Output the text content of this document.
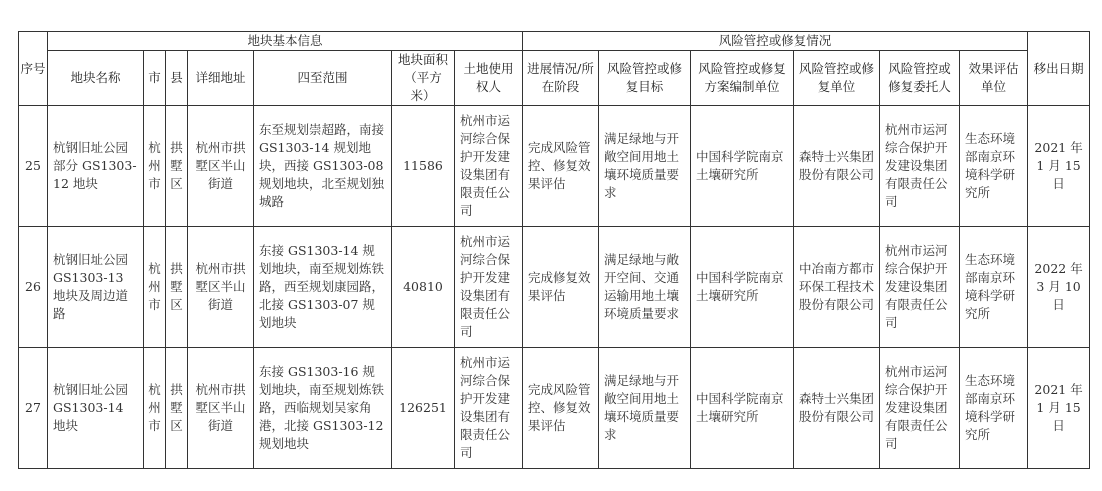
序号	地块基本信息							风险管控或修复情况						移出日期
	地块名称	市	县	详细地址	四至范围	地块面积（平方米）	土地使用权人	进展情况/所在阶段	风险管控或修复目标	风险管控或修复方案编制单位	风险管控或修复单位	风险管控或修复委托人	效果评估单位	

25	杭钢旧址公园部分 GS1303-12 地块	杭州市	拱墅区	杭州市拱墅区半山街道	东至规划崇超路，南接 GS1303-14 规划地块，西接 GS1303-08 规划地块，北至规划独城路	11586	杭州市运河综合保护开发建设集团有限责任公司	完成风险管控、修复效果评估	满足绿地与开敞空间用地土壤环境质量要求	中国科学院南京土壤研究所	森特士兴集团股份有限公司	杭州市运河综合保护开发建设集团有限责任公司	生态环境部南京环境科学研究所	2021 年 1 月 15 日

26	杭钢旧址公园 GS1303-13 地块及周边道路	杭州市	拱墅区	杭州市拱墅区半山街道	东接 GS1303-14 规划地块，南至规划炼铁路，西至规划康园路，北接 GS1303-07 规划地块	40810	杭州市运河综合保护开发建设集团有限责任公司	完成修复效果评估	满足绿地与敞开空间、交通运输用地土壤环境质量要求	中国科学院南京土壤研究所	中冶南方都市环保工程技术股份有限公司	杭州市运河综合保护开发建设集团有限责任公司	生态环境部南京环境科学研究所	2022 年 3 月 10 日

27	杭钢旧址公园 GS1303-14 地块	杭州市	拱墅区	杭州市拱墅区半山街道	东接 GS1303-16 规划地块，南至规划炼铁路，西临规划吴家角港，北接 GS1303-12 规划地块	126251	杭州市运河综合保护开发建设集团有限责任公司	完成风险管控、修复效果评估	满足绿地与开敞空间用地土壤环境质量要求	中国科学院南京土壤研究所	森特士兴集团股份有限公司	杭州市运河综合保护开发建设集团有限责任公司	生态环境部南京环境科学研究所	2021 年 1 月 15 日
